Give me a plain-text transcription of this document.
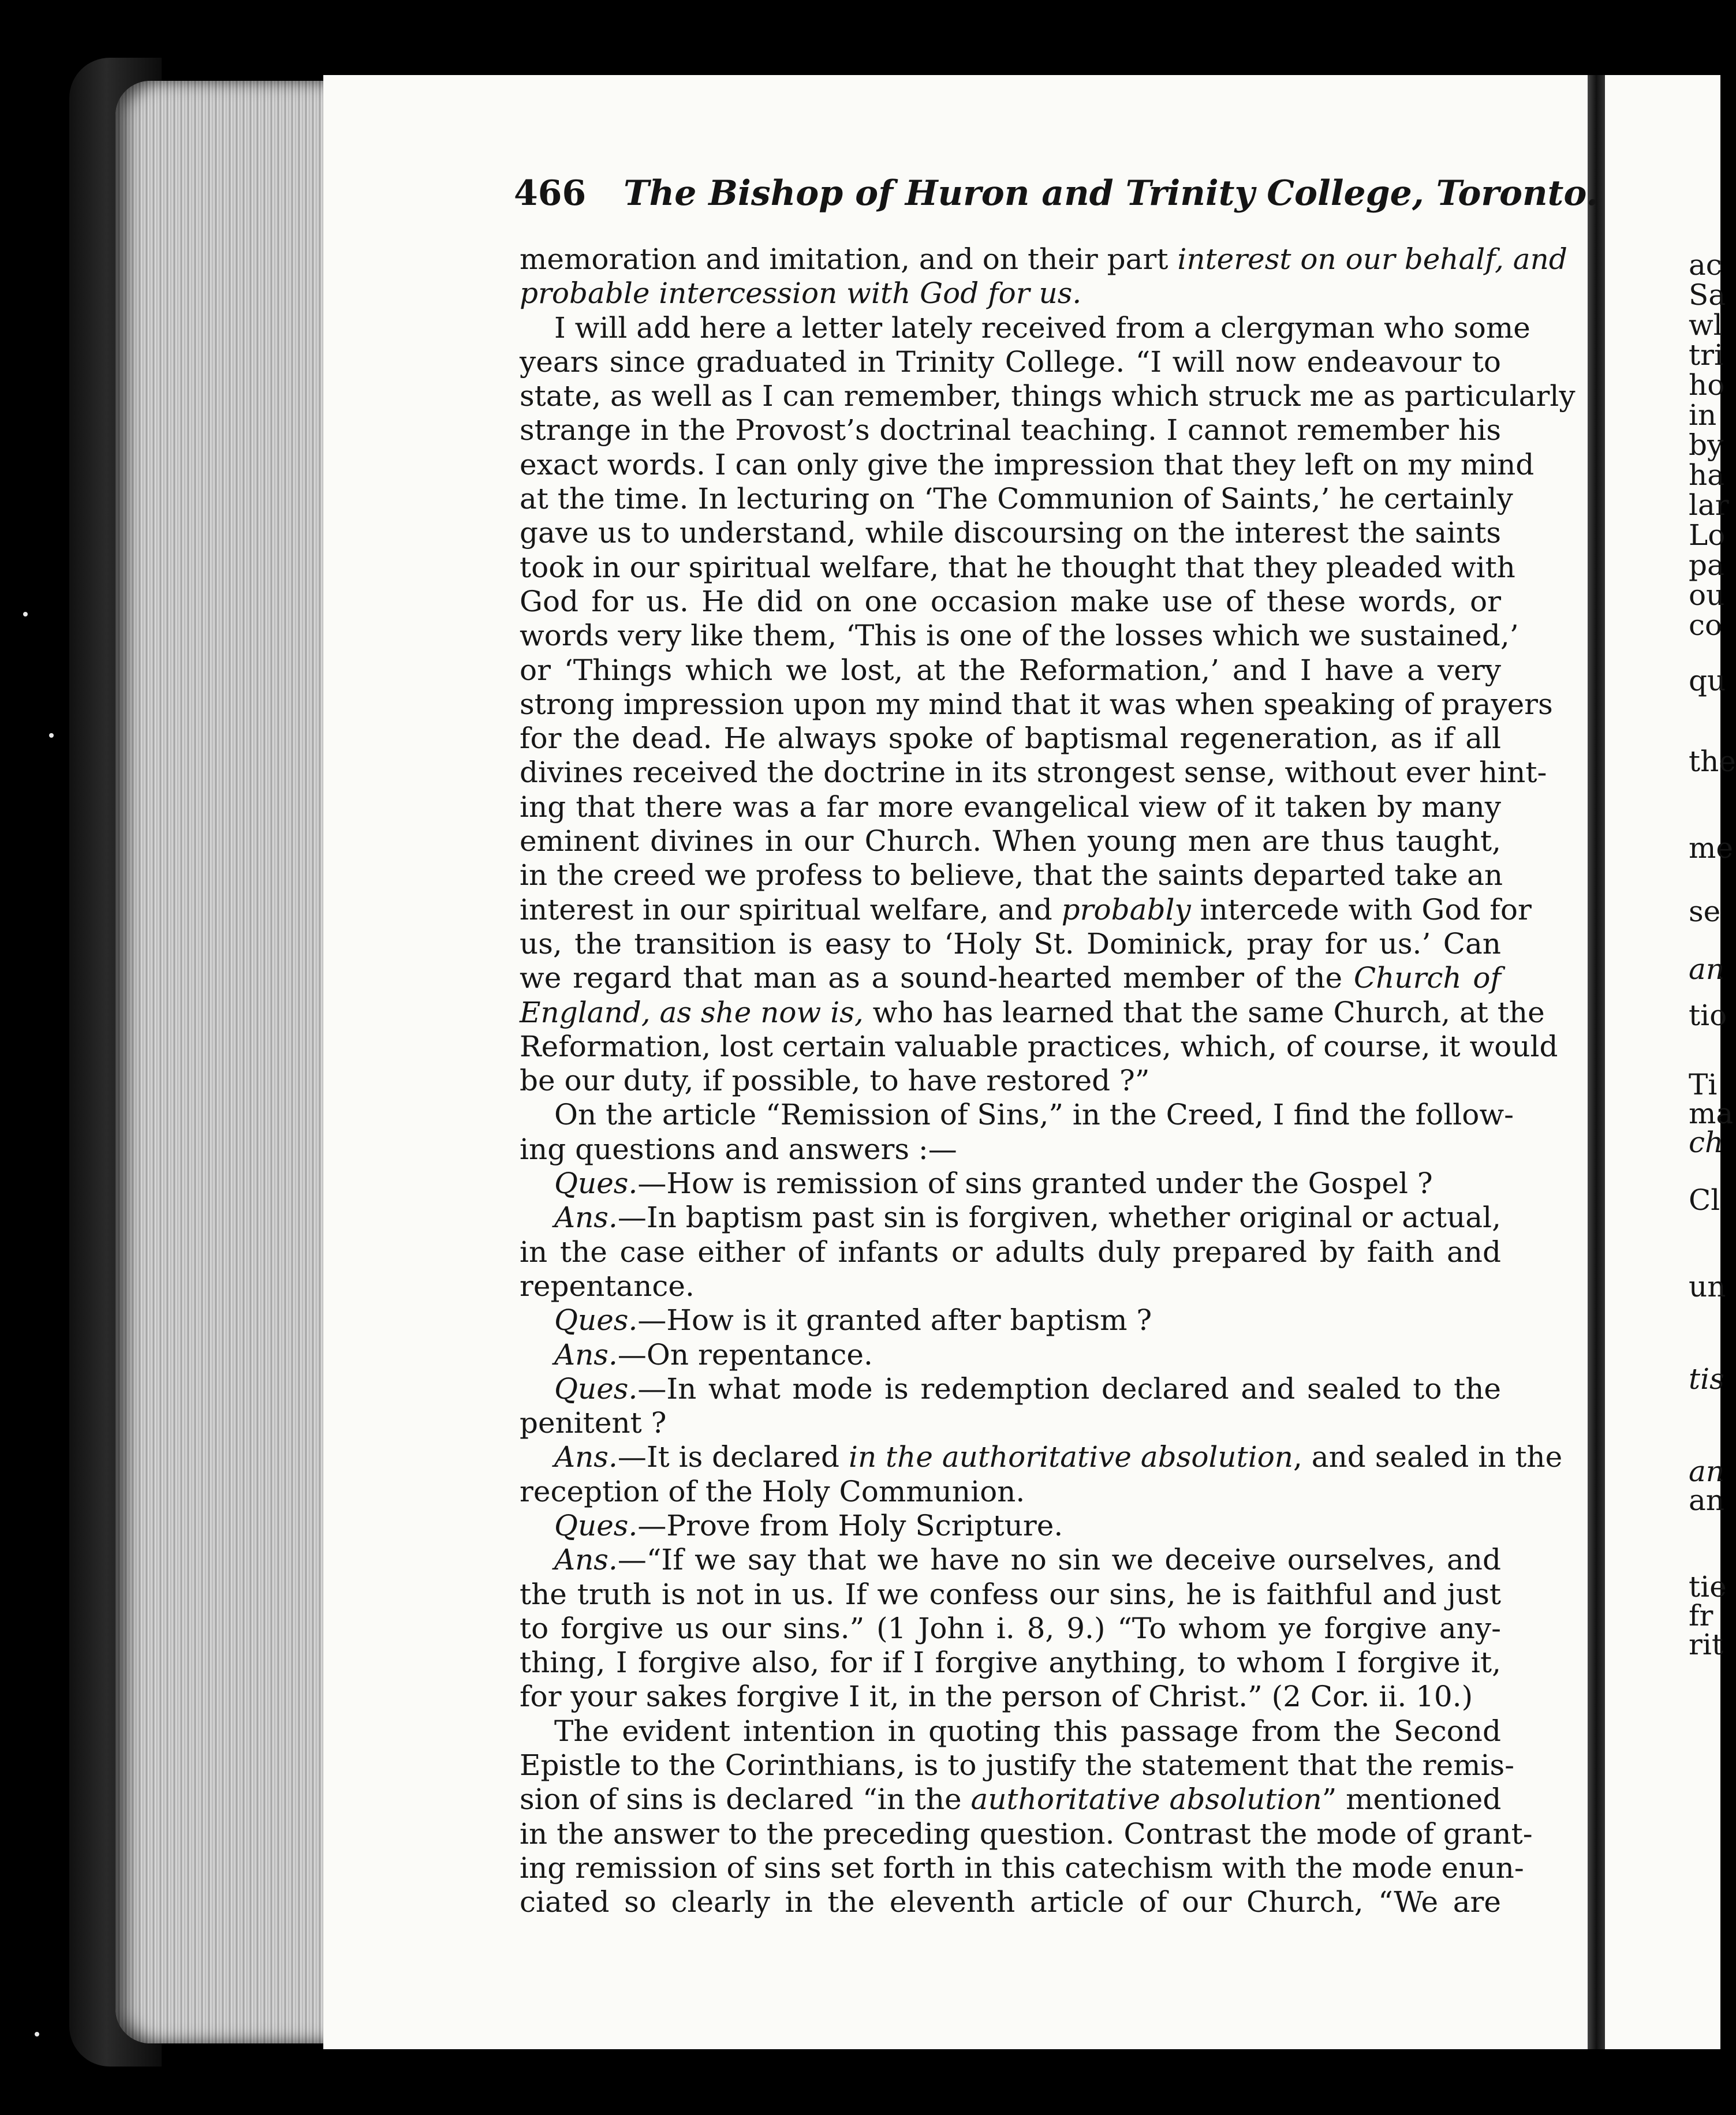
466 The Bishop of Huron and Trinity College, Toronto.
memoration and imitation, and on their part interest on our behalf, and
probable intercession with God for us.
I will add here a letter lately received from a clergyman who some
years since graduated in Trinity College. “I will now endeavour to
state, as well as I can remember, things which struck me as particularly
strange in the Provost’s doctrinal teaching. I cannot remember his
exact words. I can only give the impression that they left on my mind
at the time. In lecturing on ‘The Communion of Saints,’ he certainly
gave us to understand, while discoursing on the interest the saints
took in our spiritual welfare, that he thought that they pleaded with
God for us. He did on one occasion make use of these words, or
words very like them, ‘This is one of the losses which we sustained,’
or ‘Things which we lost, at the Reformation,’ and I have a very
strong impression upon my mind that it was when speaking of prayers
for the dead. He always spoke of baptismal regeneration, as if all
divines received the doctrine in its strongest sense, without ever hint-
ing that there was a far more evangelical view of it taken by many
eminent divines in our Church. When young men are thus taught,
in the creed we profess to believe, that the saints departed take an
interest in our spiritual welfare, and probably intercede with God for
us, the transition is easy to ‘Holy St. Dominick, pray for us.’ Can
we regard that man as a sound-hearted member of the Church of
England, as she now is, who has learned that the same Church, at the
Reformation, lost certain valuable practices, which, of course, it would
be our duty, if possible, to have restored ?”
On the article “Remission of Sins,” in the Creed, I find the follow-
ing questions and answers :—
Ques.—How is remission of sins granted under the Gospel ?
Ans.—In baptism past sin is forgiven, whether original or actual,
in the case either of infants or adults duly prepared by faith and
repentance.
Ques.—How is it granted after baptism ?
Ans.—On repentance.
Ques.—In what mode is redemption declared and sealed to the
penitent ?
Ans.—It is declared in the authoritative absolution, and sealed in the
reception of the Holy Communion.
Ques.—Prove from Holy Scripture.
Ans.—“If we say that we have no sin we deceive ourselves, and
the truth is not in us. If we confess our sins, he is faithful and just
to forgive us our sins.” (1 John i. 8, 9.) “To whom ye forgive any-
thing, I forgive also, for if I forgive anything, to whom I forgive it,
for your sakes forgive I it, in the person of Christ.” (2 Cor. ii. 10.)
The evident intention in quoting this passage from the Second
Epistle to the Corinthians, is to justify the statement that the remis-
sion of sins is declared “in the authoritative absolution” mentioned
in the answer to the preceding question. Contrast the mode of grant-
ing remission of sins set forth in this catechism with the mode enun-
ciated so clearly in the eleventh article of our Church, “We are
ac
Sa
wl
tri
ho
in
by
ha
lar
Lo
pa
ou
co
qu
the
me
se
an
tio
Ti
ma
ch
Cl
un
tis
an
an
tie
fr
rit
